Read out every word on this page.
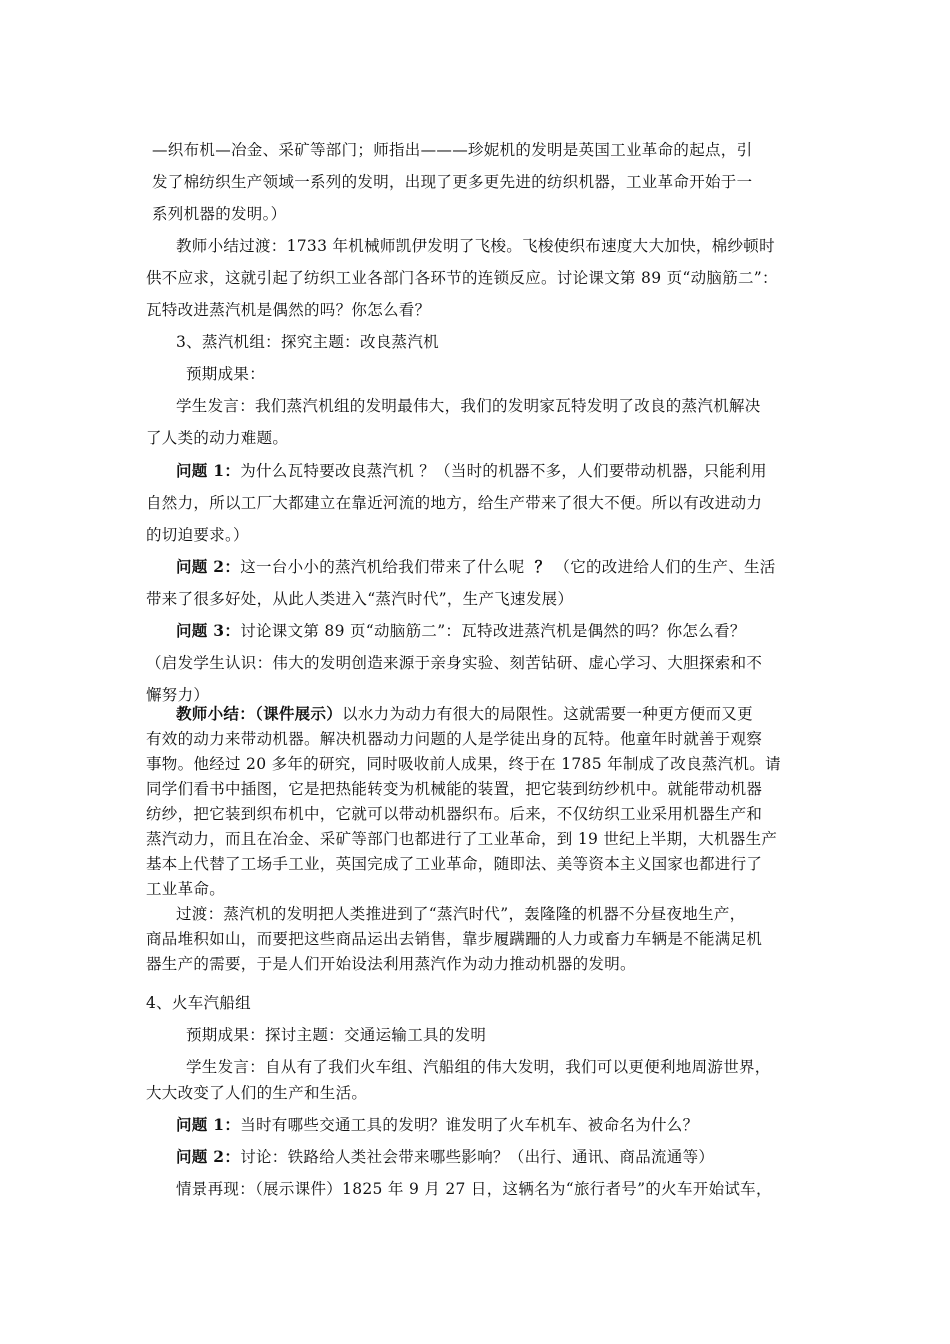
—织布机—冶金、采矿等部门；师指出———珍妮机的发明是英国工业革命的起点，引
发了棉纺织生产领域一系列的发明，出现了更多更先进的纺织机器，工业革命开始于一
系列机器的发明。）
教师小结过渡：1733 年机械师凯伊发明了飞梭。飞梭使织布速度大大加快，棉纱顿时
供不应求，这就引起了纺织工业各部门各环节的连锁反应。讨论课文第 89 页“动脑筋二”：
瓦特改进蒸汽机是偶然的吗？你怎么看？
3、蒸汽机组：探究主题：改良蒸汽机
预期成果：
学生发言：我们蒸汽机组的发明最伟大，我们的发明家瓦特发明了改良的蒸汽机解决
了人类的动力难题。
问题 1：为什么瓦特要改良蒸汽机 ？（当时的机器不多，人们要带动机器，只能利用
自然力，所以工厂大都建立在靠近河流的地方，给生产带来了很大不便。所以有改进动力
的切迫要求。）
问题 2：这一台小小的蒸汽机给我们带来了什么呢 ？ （它的改进给人们的生产、生活
带来了很多好处，从此人类进入“蒸汽时代”，生产飞速发展）
问题 3：讨论课文第 89 页“动脑筋二”：瓦特改进蒸汽机是偶然的吗？你怎么看？
（启发学生认识：伟大的发明创造来源于亲身实验、刻苦钻研、虚心学习、大胆探索和不
懈努力）
教师小结：（课件展示）以水力为动力有很大的局限性。这就需要一种更方便而又更
有效的动力来带动机器。解决机器动力问题的人是学徒出身的瓦特。他童年时就善于观察
事物。他经过 20 多年的研究，同时吸收前人成果，终于在 1785 年制成了改良蒸汽机。请
同学们看书中插图，它是把热能转变为机械能的装置，把它装到纺纱机中。就能带动机器
纺纱，把它装到织布机中，它就可以带动机器织布。后来，不仅纺织工业采用机器生产和
蒸汽动力，而且在冶金、采矿等部门也都进行了工业革命，到 19 世纪上半期，大机器生产
基本上代替了工场手工业，英国完成了工业革命，随即法、美等资本主义国家也都进行了
工业革命。
过渡：蒸汽机的发明把人类推进到了“蒸汽时代”，轰隆隆的机器不分昼夜地生产，
商品堆积如山，而要把这些商品运出去销售，靠步履蹒跚的人力或畜力车辆是不能满足机
器生产的需要，于是人们开始设法利用蒸汽作为动力推动机器的发明。
4、火车汽船组
预期成果：探讨主题：交通运输工具的发明
学生发言：自从有了我们火车组、汽船组的伟大发明，我们可以更便利地周游世界，
大大改变了人们的生产和生活。
问题 1：当时有哪些交通工具的发明？谁发明了火车机车、被命名为什么？
问题 2：讨论：铁路给人类社会带来哪些影响？（出行、通讯、商品流通等）
情景再现：（展示课件）1825 年 9 月 27 日，这辆名为“旅行者号”的火车开始试车，
